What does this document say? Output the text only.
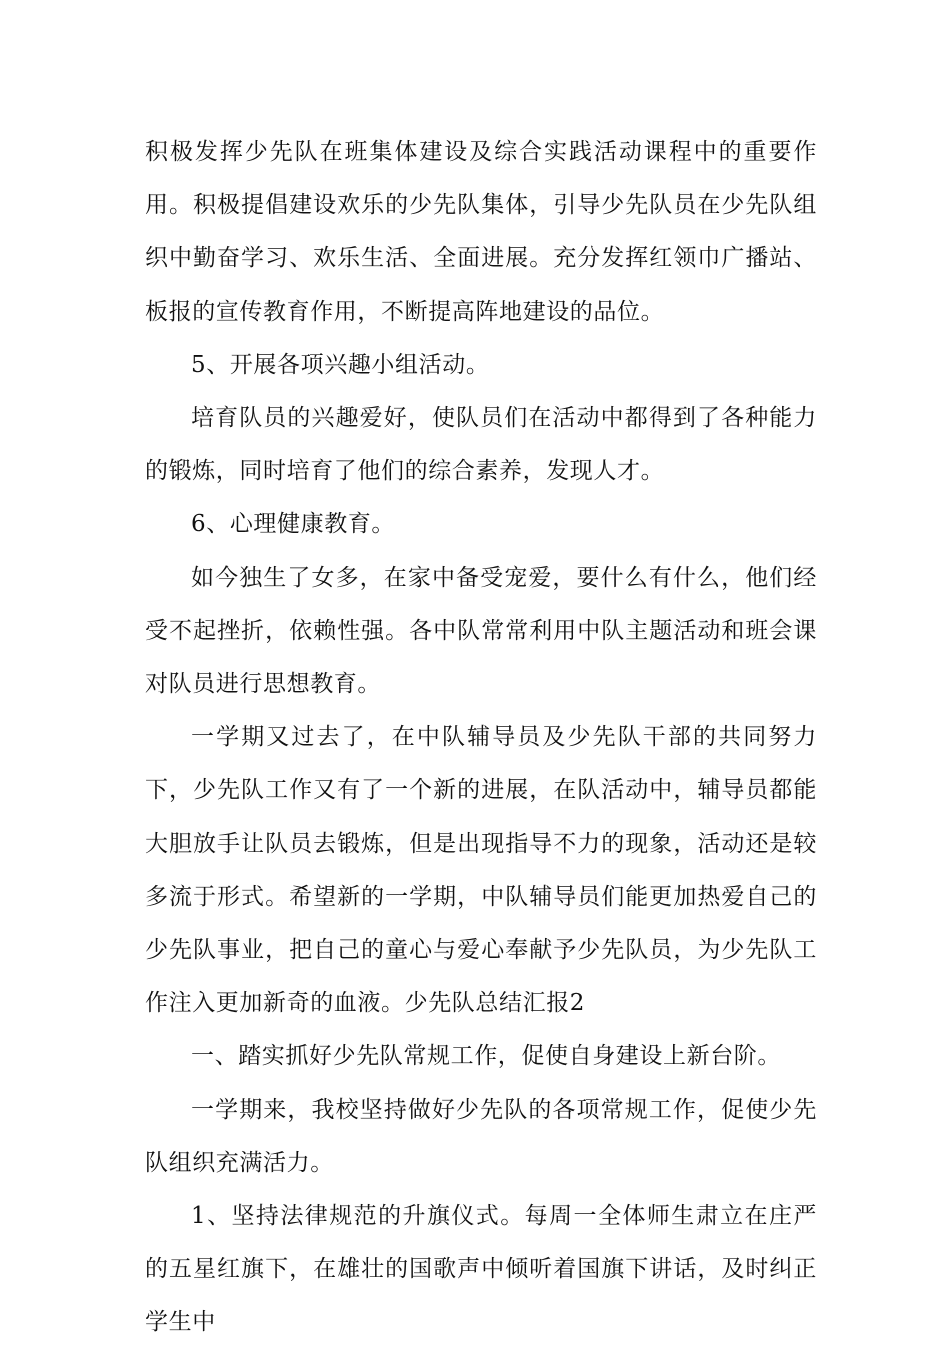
积极发挥少先队在班集体建设及综合实践活动课程中的重要作用。积极提倡建设欢乐的少先队集体，引导少先队员在少先队组织中勤奋学习、欢乐生活、全面进展。充分发挥红领巾广播站、板报的宣传教育作用，不断提高阵地建设的品位。

5、开展各项兴趣小组活动。

培育队员的兴趣爱好，使队员们在活动中都得到了各种能力的锻炼，同时培育了他们的综合素养，发现人才。

6、心理健康教育。

如今独生了女多，在家中备受宠爱，要什么有什么，他们经受不起挫折，依赖性强。各中队常常利用中队主题活动和班会课对队员进行思想教育。

一学期又过去了，在中队辅导员及少先队干部的共同努力下，少先队工作又有了一个新的进展，在队活动中，辅导员都能大胆放手让队员去锻炼，但是出现指导不力的现象，活动还是较多流于形式。希望新的一学期，中队辅导员们能更加热爱自己的少先队事业，把自己的童心与爱心奉献予少先队员，为少先队工作注入更加新奇的血液。少先队总结汇报2

一、踏实抓好少先队常规工作，促使自身建设上新台阶。

一学期来，我校坚持做好少先队的各项常规工作，促使少先队组织充满活力。

1、坚持法律规范的升旗仪式。每周一全体师生肃立在庄严的五星红旗下，在雄壮的国歌声中倾听着国旗下讲话，及时纠正学生中
